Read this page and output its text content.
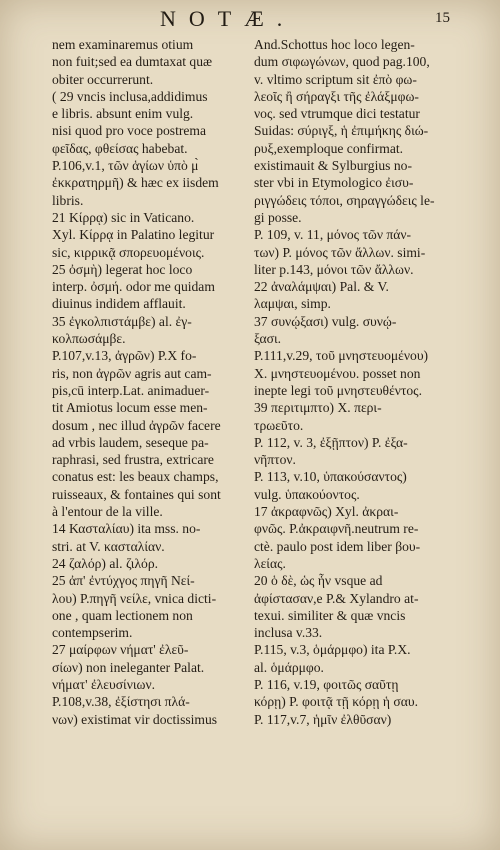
NOTÆ.	15
nem examinaremus otium
non fuit;sed ea dumtaxat quæ
obiter occurrerunt.
( 29 vncis inclusa,addidimus
e libris. absunt enim vulg.
nisi quod pro voce postrema
φεῖδας, φθείσας habebat.
P.106,v.1, τῶν ἁγίων ὑπὸ μ̀
ἐκκρατηρμῆ) & hæc ex iisdem
libris.
21 Κίρρᾳ) sic in Vaticano.
Xyl. Κίρρᾳ in Palatino legitur
sic, κιρρικᾷ σπορευομένοις.
25 ὀσμὴ) legerat hoc loco
interp. ὀσμή. odor me quidam
diuinus indidem afflauit.
35 ἐγκολπιστάμβε) al. ἐγ-
κολπωσάμβε.
P.107,v.13, ἀγρῶν) P.X fo-
ris, non ἀγρῶν agris aut cam-
pis,cū interp.Lat. animaduer-
tit Amiotus locum esse men-
dosum , nec illud ἀγρῶν facere
ad vrbis laudem, seseque pa-
raphrasi, sed frustra, extricare
conatus est: les beaux champs,
ruisseaux, & fontaines qui sont
à l'entour de la ville.
14 Κασταλίαυ) ita mss. no-
stri. at V. κασταλίαν.
24 ζαλόρ) al. ζιλόρ.
25 ἀπ' ἐντύχγος πηγῆ Νεί-
λου) P.πηγῆ νείλε, vnica dicti-
one , quam lectionem non
contempserim.
27 μαίρφων νήματ' ἐλεῦ-
σίων) non ineleganter Palat.
νήματ' ἐλευσίνιων.
P.108,v.38, ἐξίστησι πλά-
νων) existimat vir doctissimus
And.Schottus hoc loco legen-
dum σιφωγώνων, quod pag.100,
v. vltimo scriptum sit ἐπὸ φω-
λεοῖς ἢ σήραγξι τῆς ἐλάξμφω-
νος. sed vtrumque dici testatur
Suidas: σύριγξ, ἡ ἐπιμήκης διώ-
ρυξ,exemploque confirmat.
existimauit & Sylburgius no-
ster vbi in Etymologico ἐισυ-
ριγγώδεις τόποι, σηραγγώδεις le-
gi posse.
P. 109, v. 11, μόνος τῶν πάν-
των) P. μόνος τῶν ἄλλων. simi-
liter p.143, μόνοι τῶν ἄλλων.
22 ἀναλάμψαι) Pal. & V.
λαμψαι, simp.
37 συνῴξασι) vulg. συνῴ-
ξασι.
P.111,v.29, τοῦ μνηστευομένου)
X. μνηστευομένου. posset non
inepte legi τοῦ μνηστευθέντος.
39 περιτιμπτο) X. περι-
τρωεῦτο.
P. 112, v. 3, ἐξῇπτον) P. ἐξα-
νῆπτον.
P. 113, v.10, ὑπακούσαντος)
vulg. ὑπακούοντος.
17 ἀκραφνῶς) Xyl. ἀκραι-
φνῶς. P.ἀκραιφνῆ.neutrum re-
ctè. paulo post idem liber βου-
λείας.
20 ὁ δὲ, ὡς ἦν vsque ad
ἀφίστασαν,e P.& Xylandro at-
texui. similiter & quæ vncis
inclusa v.33.
P.115, v.3, ὁμάρμφο) ita P.X.
al. ὁμάρμφο.
P. 116, v.19, φοιτῶς σαῦτῃ
κόρῃ) P. φοιτᾷ τῇ κόρῃ ἡ σαυ.
P. 117,v.7, ἡμῖν ἐλθῦσαν)
